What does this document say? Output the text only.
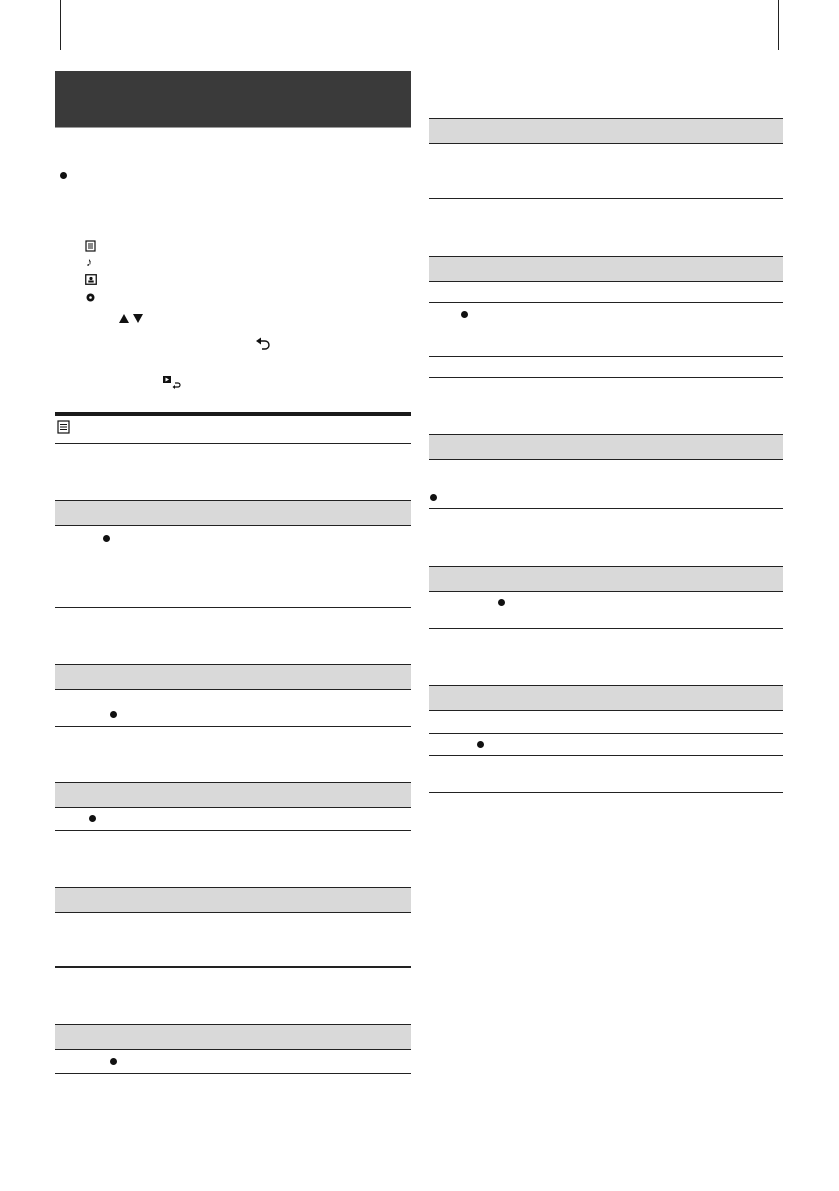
♪
